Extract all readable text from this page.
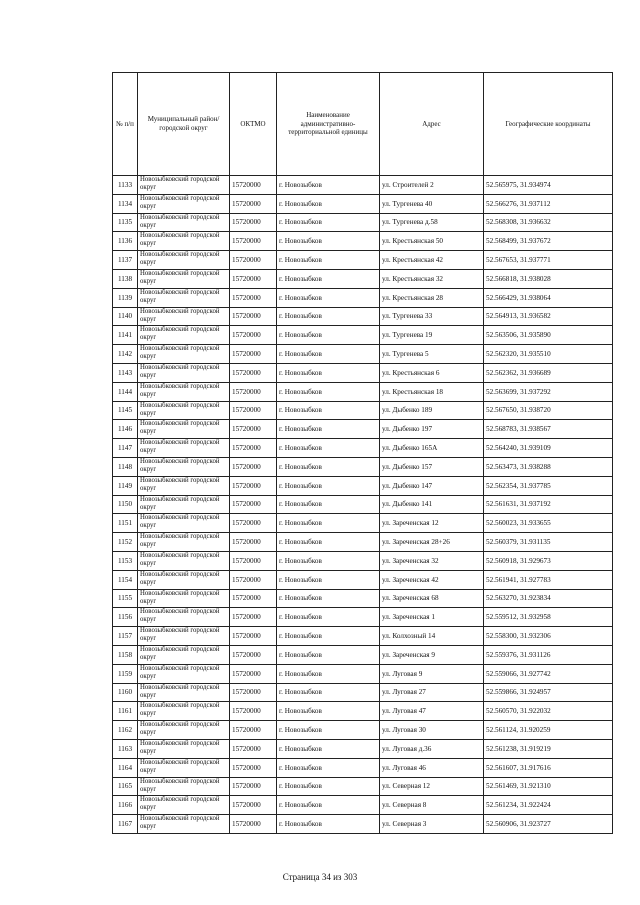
№ п/п	Муниципальный район/городской округ	ОКТМО	Наименование административно-территориальной единицы	Адрес	Географические координаты
1133	Новозыбковский городской округ	15720000	г. Новозыбков	ул. Строителей 2	52.565975, 31.934974
1134	Новозыбковский городской округ	15720000	г. Новозыбков	ул. Тургенева 40	52.566276, 31.937112
1135	Новозыбковский городской округ	15720000	г. Новозыбков	ул. Тургенева д.58	52.568308, 31.936632
1136	Новозыбковский городской округ	15720000	г. Новозыбков	ул. Крестьянская 50	52.568499, 31.937672
1137	Новозыбковский городской округ	15720000	г. Новозыбков	ул. Крестьянская 42	52.567653, 31.937771
1138	Новозыбковский городской округ	15720000	г. Новозыбков	ул. Крестьянская 32	52.566818, 31.938028
1139	Новозыбковский городской округ	15720000	г. Новозыбков	ул. Крестьянская 28	52.566429, 31.938064
1140	Новозыбковский городской округ	15720000	г. Новозыбков	ул. Тургенева 33	52.564913, 31.936582
1141	Новозыбковский городской округ	15720000	г. Новозыбков	ул. Тургенева 19	52.563506, 31.935890
1142	Новозыбковский городской округ	15720000	г. Новозыбков	ул. Тургенева 5	52.562320, 31.935510
1143	Новозыбковский городской округ	15720000	г. Новозыбков	ул. Крестьянская 6	52.562362, 31.936689
1144	Новозыбковский городской округ	15720000	г. Новозыбков	ул. Крестьянская 18	52.563699, 31.937292
1145	Новозыбковский городской округ	15720000	г. Новозыбков	ул. Дыбенко 189	52.567650, 31.938720
1146	Новозыбковский городской округ	15720000	г. Новозыбков	ул. Дыбенко 197	52.568783, 31.938567
1147	Новозыбковский городской округ	15720000	г. Новозыбков	ул. Дыбенко 165А	52.564240, 31.939109
1148	Новозыбковский городской округ	15720000	г. Новозыбков	ул. Дыбенко 157	52.563473, 31.938288
1149	Новозыбковский городской округ	15720000	г. Новозыбков	ул. Дыбенко 147	52.562354, 31.937785
1150	Новозыбковский городской округ	15720000	г. Новозыбков	ул. Дыбенко 141	52.561631, 31.937192
1151	Новозыбковский городской округ	15720000	г. Новозыбков	ул. Зареченская 12	52.560023, 31.933655
1152	Новозыбковский городской округ	15720000	г. Новозыбков	ул. Зареченская 28+26	52.560379, 31.931135
1153	Новозыбковский городской округ	15720000	г. Новозыбков	ул. Зареченская 32	52.560918, 31.929673
1154	Новозыбковский городской округ	15720000	г. Новозыбков	ул. Зареченская 42	52.561941, 31.927783
1155	Новозыбковский городской округ	15720000	г. Новозыбков	ул. Зареченская 68	52.563270, 31.923834
1156	Новозыбковский городской округ	15720000	г. Новозыбков	ул. Зареченская 1	52.559512, 31.932958
1157	Новозыбковский городской округ	15720000	г. Новозыбков	ул. Колхозный 14	52.558300, 31.932306
1158	Новозыбковский городской округ	15720000	г. Новозыбков	ул. Зареченская 9	52.559376, 31.931126
1159	Новозыбковский городской округ	15720000	г. Новозыбков	ул. Луговая 9	52.559066, 31.927742
1160	Новозыбковский городской округ	15720000	г. Новозыбков	ул. Луговая 27	52.559866, 31.924957
1161	Новозыбковский городской округ	15720000	г. Новозыбков	ул. Луговая 47	52.560570, 31.922032
1162	Новозыбковский городской округ	15720000	г. Новозыбков	ул. Луговая 30	52.561124, 31.920259
1163	Новозыбковский городской округ	15720000	г. Новозыбков	ул. Луговая д.36	52.561238, 31.919219
1164	Новозыбковский городской округ	15720000	г. Новозыбков	ул. Луговая 46	52.561607, 31.917616
1165	Новозыбковский городской округ	15720000	г. Новозыбков	ул. Северная 12	52.561469, 31.921310
1166	Новозыбковский городской округ	15720000	г. Новозыбков	ул. Северная 8	52.561234, 31.922424
1167	Новозыбковский городской округ	15720000	г. Новозыбков	ул. Северная 3	52.560906, 31.923727
Страница 34 из 303
